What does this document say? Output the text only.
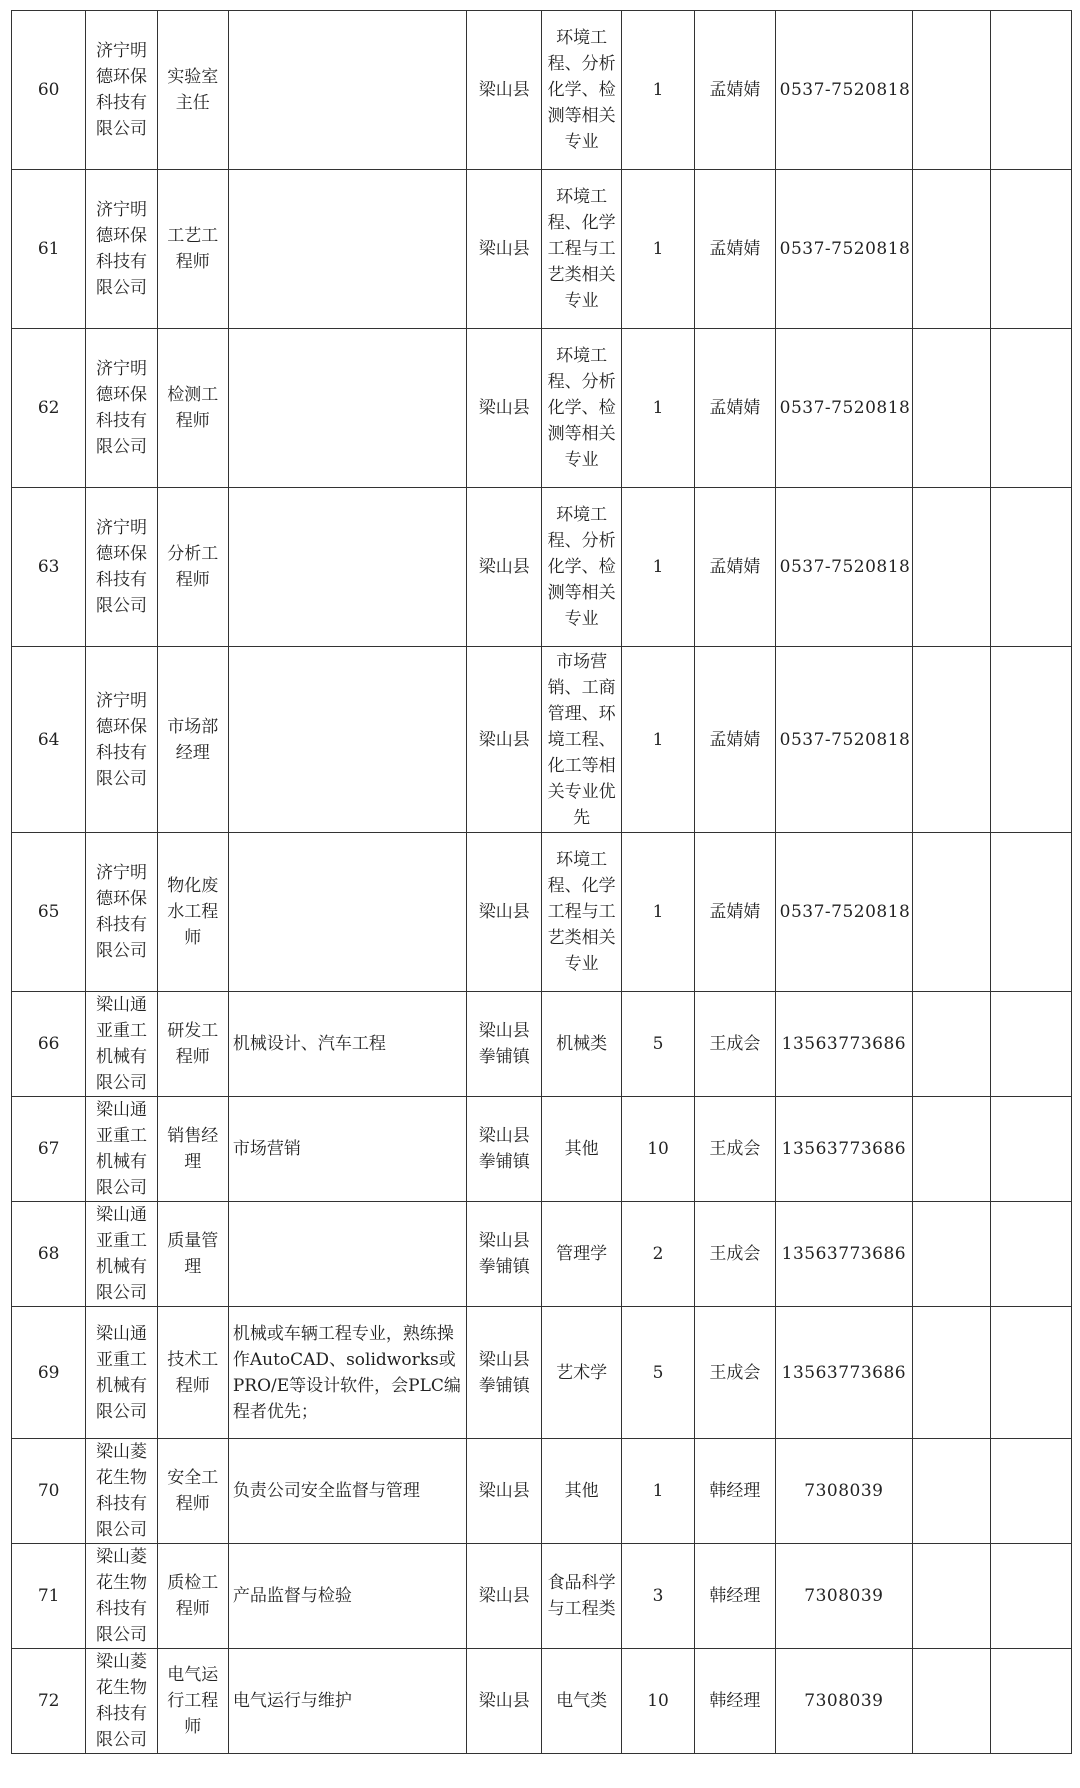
60	济宁明德环保科技有限公司	实验室主任		梁山县	环境工程、分析化学、检测等相关专业	1	孟婧婧	0537-7520818		
61	济宁明德环保科技有限公司	工艺工程师		梁山县	环境工程、化学工程与工艺类相关专业	1	孟婧婧	0537-7520818		
62	济宁明德环保科技有限公司	检测工程师		梁山县	环境工程、分析化学、检测等相关专业	1	孟婧婧	0537-7520818		
63	济宁明德环保科技有限公司	分析工程师		梁山县	环境工程、分析化学、检测等相关专业	1	孟婧婧	0537-7520818		
64	济宁明德环保科技有限公司	市场部经理		梁山县	市场营销、工商管理、环境工程、化工等相关专业优先	1	孟婧婧	0537-7520818		
65	济宁明德环保科技有限公司	物化废水工程师		梁山县	环境工程、化学工程与工艺类相关专业	1	孟婧婧	0537-7520818		
66	梁山通亚重工机械有限公司	研发工程师	机械设计、汽车工程	梁山县拳铺镇	机械类	5	王成会	13563773686		
67	梁山通亚重工机械有限公司	销售经理	市场营销	梁山县拳铺镇	其他	10	王成会	13563773686		
68	梁山通亚重工机械有限公司	质量管理		梁山县拳铺镇	管理学	2	王成会	13563773686		
69	梁山通亚重工机械有限公司	技术工程师	机械或车辆工程专业，熟练操作AutoCAD、solidworks或PRO/E等设计软件，会PLC编程者优先；	梁山县拳铺镇	艺术学	5	王成会	13563773686		
70	梁山菱花生物科技有限公司	安全工程师	负责公司安全监督与管理	梁山县	其他	1	韩经理	7308039		
71	梁山菱花生物科技有限公司	质检工程师	产品监督与检验	梁山县	食品科学与工程类	3	韩经理	7308039		
72	梁山菱花生物科技有限公司	电气运行工程师	电气运行与维护	梁山县	电气类	10	韩经理	7308039		
